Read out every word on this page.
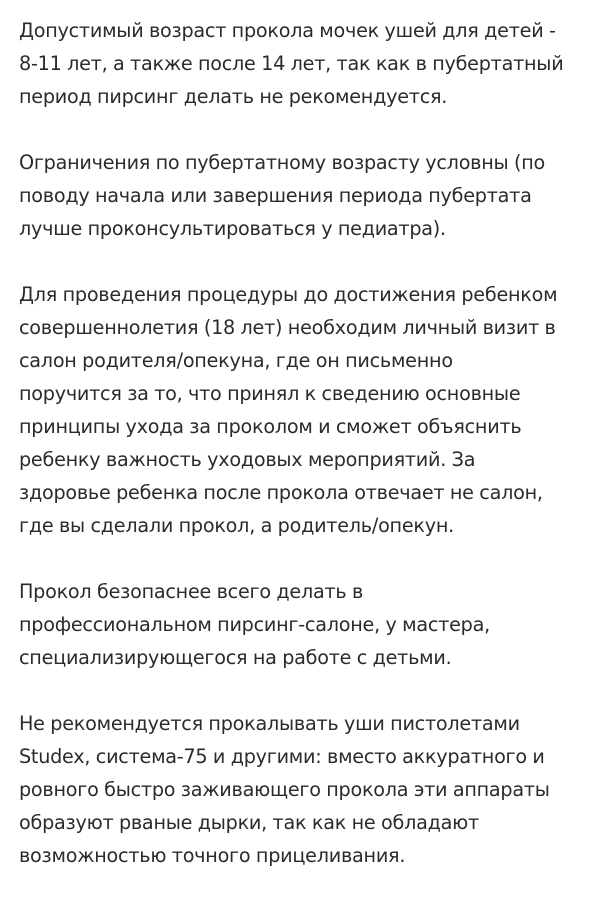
Допустимый возраст прокола мочек ушей для детей -
8-11 лет, а также после 14 лет, так как в пубертатный
период пирсинг делать не рекомендуется.

Ограничения по пубертатному возрасту условны (по
поводу начала или завершения периода пубертата
лучше проконсультироваться у педиатра).

Для проведения процедуры до достижения ребенком
совершеннолетия (18 лет) необходим личный визит в
салон родителя/опекуна, где он письменно
поручится за то, что принял к сведению основные
принципы ухода за проколом и сможет объяснить
ребенку важность уходовых мероприятий. За
здоровье ребенка после прокола отвечает не салон,
где вы сделали прокол, а родитель/опекун.

Прокол безопаснее всего делать в
профессиональном пирсинг-салоне, у мастера,
специализирующегося на работе с детьми.

Не рекомендуется прокалывать уши пистолетами
Studex, система-75 и другими: вместо аккуратного и
ровного быстро заживающего прокола эти аппараты
образуют рваные дырки, так как не обладают
возможностью точного прицеливания.
